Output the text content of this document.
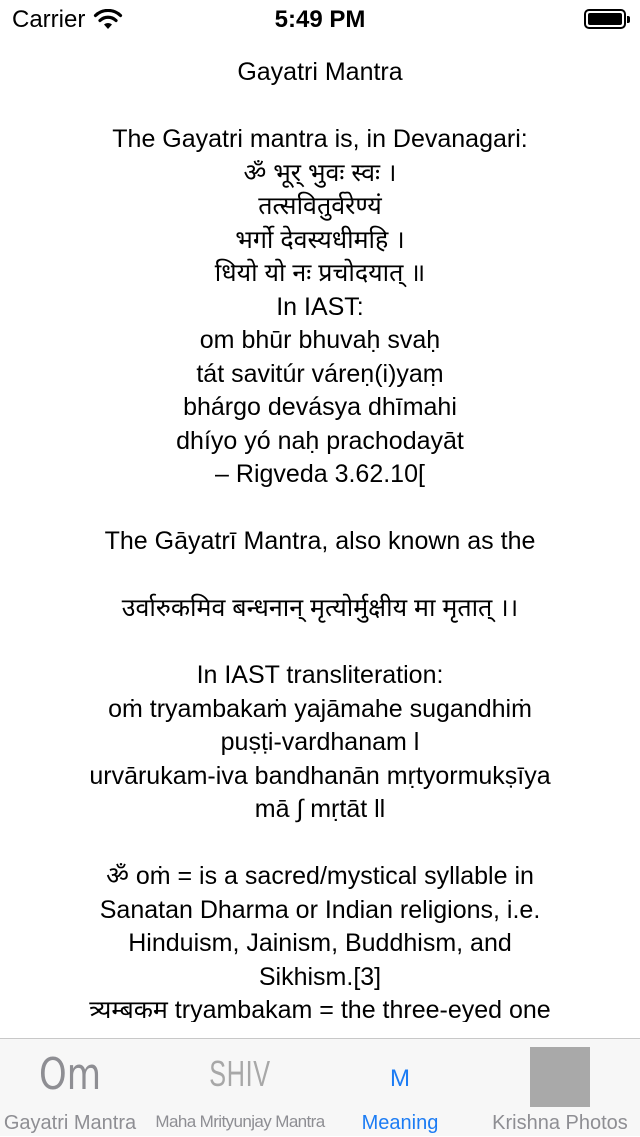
Carrier	5:49 PM

Gayatri Mantra

The Gayatri mantra is, in Devanagari:

ॐ भूर् भुवः स्वः ।

तत्सवितुर्वरेण्यं

भर्गो देवस्यधीमहि ।

धियो यो नः प्रचोदयात् ॥

In IAST:

om bhūr bhuvaḥ svaḥ

tát savitúr váreṇ(i)yaṃ

bhárgo devásya dhīmahi

dhíyo yó naḥ prachodayāt

– Rigveda 3.62.10[

The Gāyatrī Mantra, also known as the

उर्वारुकमिव बन्धनान् मृत्योर्मुक्षीय मा मृतात् ।।

In IAST transliteration:

oṁ tryambakaṁ yajāmahe sugandhiṁ

puṣṭi-vardhanam l

urvārukam-iva bandhanān mṛtyormukṣīya

mā ∫ mṛtāt ll

ॐ oṁ = is a sacred/mystical syllable in

Sanatan Dharma or Indian religions, i.e.

Hinduism, Jainism, Buddhism, and

Sikhism.[3]

त्र्यम्बकम tryambakam = the three-eyed one

Om
Gayatri Mantra
SHIV
Maha Mrityunjay Mantra
M
Meaning	Krishna Photos
